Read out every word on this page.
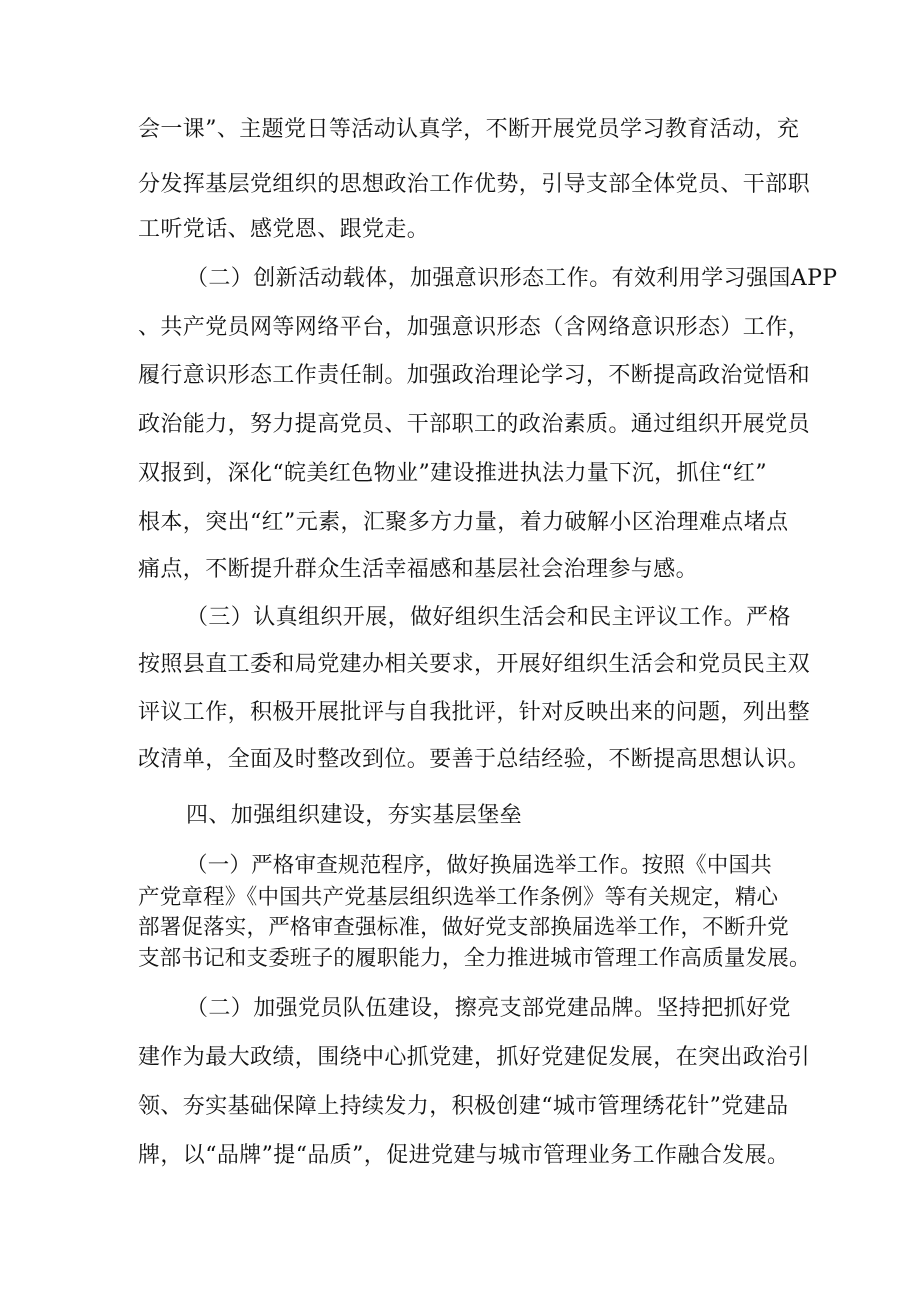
会一课”、主题党日等活动认真学，不断开展党员学习教育活动，充
分发挥基层党组织的思想政治工作优势，引导支部全体党员、干部职
工听党话、感党恩、跟党走。
（二）创新活动载体，加强意识形态工作。有效利用学习强国APP
、共产党员网等网络平台，加强意识形态（含网络意识形态）工作，
履行意识形态工作责任制。加强政治理论学习，不断提高政治觉悟和
政治能力，努力提高党员、干部职工的政治素质。通过组织开展党员
双报到，深化“皖美红色物业”建设推进执法力量下沉，抓住“红”
根本，突出“红”元素，汇聚多方力量，着力破解小区治理难点堵点
痛点，不断提升群众生活幸福感和基层社会治理参与感。
（三）认真组织开展，做好组织生活会和民主评议工作。严格
按照县直工委和局党建办相关要求，开展好组织生活会和党员民主双
评议工作，积极开展批评与自我批评，针对反映出来的问题，列出整
改清单，全面及时整改到位。要善于总结经验，不断提高思想认识。
四、加强组织建设，夯实基层堡垒
（一）严格审查规范程序，做好换届选举工作。按照《中国共
产党章程》《中国共产党基层组织选举工作条例》等有关规定，精心
部署促落实，严格审查强标准，做好党支部换届选举工作，不断升党
支部书记和支委班子的履职能力，全力推进城市管理工作高质量发展。
（二）加强党员队伍建设，擦亮支部党建品牌。坚持把抓好党
建作为最大政绩，围绕中心抓党建，抓好党建促发展，在突出政治引
领、夯实基础保障上持续发力，积极创建“城市管理绣花针”党建品
牌，以“品牌”提“品质”，促进党建与城市管理业务工作融合发展。
